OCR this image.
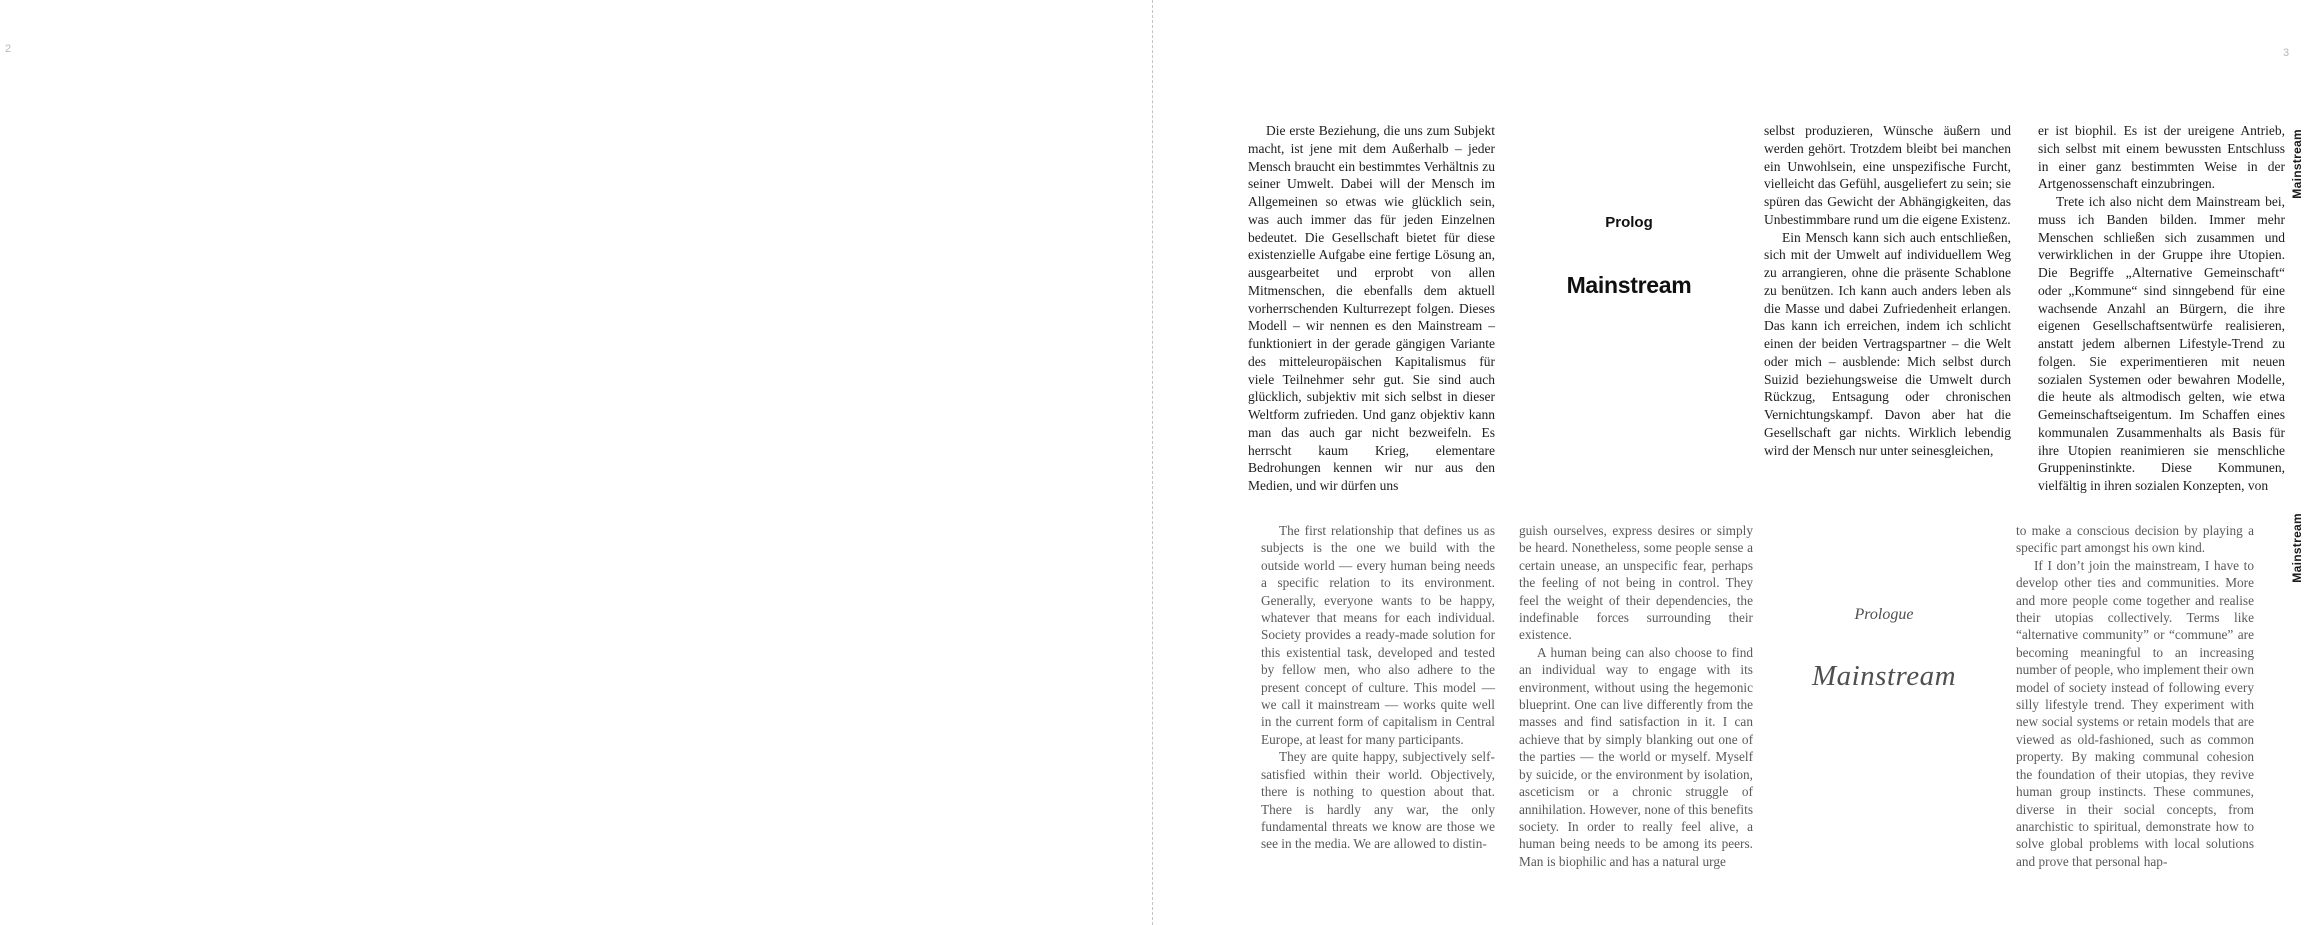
2	3
Mainstream
Mainstream

Die erste Beziehung, die uns zum Subjekt macht, ist jene mit dem Außerhalb – jeder Mensch braucht ein bestimmtes Verhältnis zu seiner Umwelt. Dabei will der Mensch im Allgemeinen so etwas wie glücklich sein, was auch immer das für jeden Einzelnen bedeutet. Die Gesellschaft bietet für diese existenzielle Aufgabe eine fertige Lösung an, ausgearbeitet und erprobt von allen Mitmenschen, die ebenfalls dem aktuell vorherrschenden Kulturrezept folgen. Dieses Modell – wir nennen es den Mainstream – funktioniert in der gerade gängigen Variante des mitteleuropäischen Kapitalismus für viele Teilnehmer sehr gut. Sie sind auch glücklich, subjektiv mit sich selbst in dieser Weltform zufrieden. Und ganz objektiv kann man das auch gar nicht bezweifeln. Es herrscht kaum Krieg, elementare Bedrohungen kennen wir nur aus den Medien, und wir dürfen uns

Prolog
Mainstream

selbst produzieren, Wünsche äußern und werden gehört. Trotzdem bleibt bei manchen ein Unwohlsein, eine unspezifische Furcht, vielleicht das Gefühl, ausgeliefert zu sein; sie spüren das Gewicht der Abhängigkeiten, das Unbestimmbare rund um die eigene Existenz.

Ein Mensch kann sich auch entschließen, sich mit der Umwelt auf individuellem Weg zu arrangieren, ohne die präsente Schablone zu benützen. Ich kann auch anders leben als die Masse und dabei Zufriedenheit erlangen. Das kann ich erreichen, indem ich schlicht einen der beiden Vertragspartner – die Welt oder mich – ausblende: Mich selbst durch Suizid beziehungsweise die Umwelt durch Rückzug, Entsagung oder chronischen Vernichtungskampf. Davon aber hat die Gesellschaft gar nichts. Wirklich lebendig wird der Mensch nur unter seinesgleichen,

er ist biophil. Es ist der ureigene Antrieb, sich selbst mit einem bewussten Entschluss in einer ganz bestimmten Weise in der Artgenossenschaft einzubringen.

Trete ich also nicht dem Mainstream bei, muss ich Banden bilden. Immer mehr Menschen schließen sich zusammen und verwirklichen in der Gruppe ihre Utopien. Die Begriffe „Alternative Gemeinschaft“ oder „Kommune“ sind sinngebend für eine wachsende Anzahl an Bürgern, die ihre eigenen Gesellschaftsentwürfe realisieren, anstatt jedem albernen Lifestyle-Trend zu folgen. Sie experimentieren mit neuen sozialen Systemen oder bewahren Modelle, die heute als altmodisch gelten, wie etwa Gemeinschaftseigentum. Im Schaffen eines kommunalen Zusammenhalts als Basis für ihre Utopien reanimieren sie menschliche Gruppeninstinkte. Diese Kommunen, vielfältig in ihren sozialen Konzepten, von

The first relationship that defines us as subjects is the one we build with the outside world — every human being needs a specific relation to its environment. Generally, everyone wants to be happy, whatever that means for each individual. Society provides a ready-made solution for this existential task, developed and tested by fellow men, who also adhere to the present concept of culture. This model — we call it mainstream — works quite well in the current form of capitalism in Central Europe, at least for many participants.

They are quite happy, subjectively self-satisfied within their world. Objectively, there is nothing to question about that. There is hardly any war, the only fundamental threats we know are those we see in the media. We are allowed to distin-

guish ourselves, express desires or simply be heard. Nonetheless, some people sense a certain unease, an unspecific fear, perhaps the feeling of not being in control. They feel the weight of their dependencies, the indefinable forces surrounding their existence.

A human being can also choose to find an individual way to engage with its environment, without using the hegemonic blueprint. One can live differently from the masses and find satisfaction in it. I can achieve that by simply blanking out one of the parties — the world or myself. Myself by suicide, or the environment by isolation, asceticism or a chronic struggle of annihilation. However, none of this benefits society. In order to really feel alive, a human being needs to be among its peers. Man is biophilic and has a natural urge

Prologue
Mainstream

to make a conscious decision by playing a specific part amongst his own kind.

If I don’t join the mainstream, I have to develop other ties and communities. More and more people come together and realise their utopias collectively. Terms like “alternative community” or “commune” are becoming meaningful to an increasing number of people, who implement their own model of society instead of following every silly lifestyle trend. They experiment with new social systems or retain models that are viewed as old-fashioned, such as common property. By making communal cohesion the foundation of their utopias, they revive human group instincts. These communes, diverse in their social concepts, from anarchistic to spiritual, demonstrate how to solve global problems with local solutions and prove that personal hap-
